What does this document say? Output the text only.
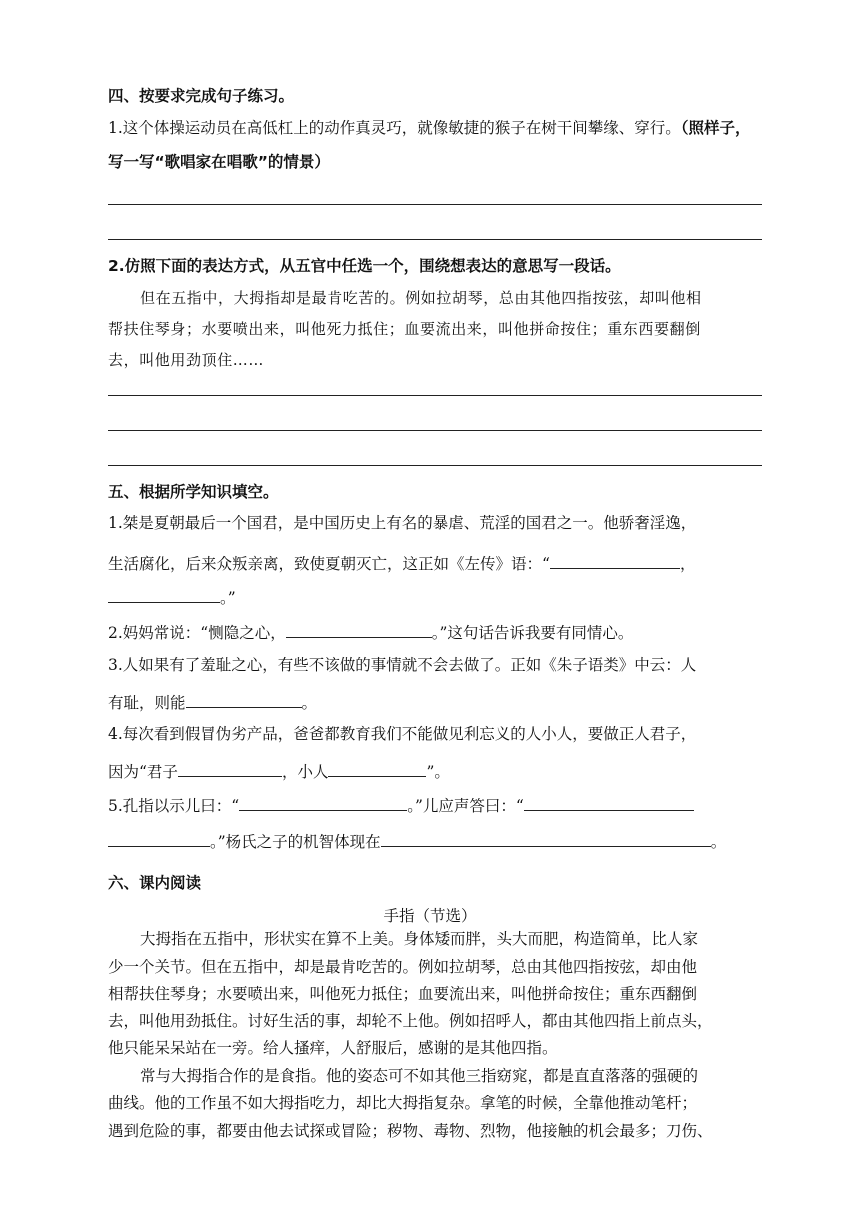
四、按要求完成句子练习。
1.这个体操运动员在高低杠上的动作真灵巧，就像敏捷的猴子在树干间攀缘、穿行。（照样子，
写一写“歌唱家在唱歌”的情景）
2.仿照下面的表达方式，从五官中任选一个，围绕想表达的意思写一段话。
但在五指中，大拇指却是最肯吃苦的。例如拉胡琴，总由其他四指按弦，却叫他相
帮扶住琴身；水要喷出来，叫他死力抵住；血要流出来，叫他拼命按住；重东西要翻倒
去，叫他用劲顶住……
五、根据所学知识填空。
1.桀是夏朝最后一个国君，是中国历史上有名的暴虐、荒淫的国君之一。他骄奢淫逸，
生活腐化，后来众叛亲离，致使夏朝灭亡，这正如《左传》语：“	，
。”
2.妈妈常说：“恻隐之心，	。”这句话告诉我要有同情心。
3.人如果有了羞耻之心，有些不该做的事情就不会去做了。正如《朱子语类》中云：人
有耻，则能	。
4.每次看到假冒伪劣产品，爸爸都教育我们不能做见利忘义的人小人，要做正人君子，
因为“君子	，小人	”。
5.孔指以示儿曰：“	。”儿应声答曰：“
。”杨氏之子的机智体现在	。
六、课内阅读
手指（节选）
大拇指在五指中，形状实在算不上美。身体矮而胖，头大而肥，构造简单，比人家
少一个关节。但在五指中，却是最肯吃苦的。例如拉胡琴，总由其他四指按弦，却由他
相帮扶住琴身；水要喷出来，叫他死力抵住；血要流出来，叫他拼命按住；重东西翻倒
去，叫他用劲抵住。讨好生活的事，却轮不上他。例如招呼人，都由其他四指上前点头，
他只能呆呆站在一旁。给人搔痒，人舒服后，感谢的是其他四指。
常与大拇指合作的是食指。他的姿态可不如其他三指窈窕，都是直直落落的强硬的
曲线。他的工作虽不如大拇指吃力，却比大拇指复杂。拿笔的时候，全靠他推动笔杆；
遇到危险的事，都要由他去试探或冒险；秽物、毒物、烈物，他接触的机会最多；刀伤、
